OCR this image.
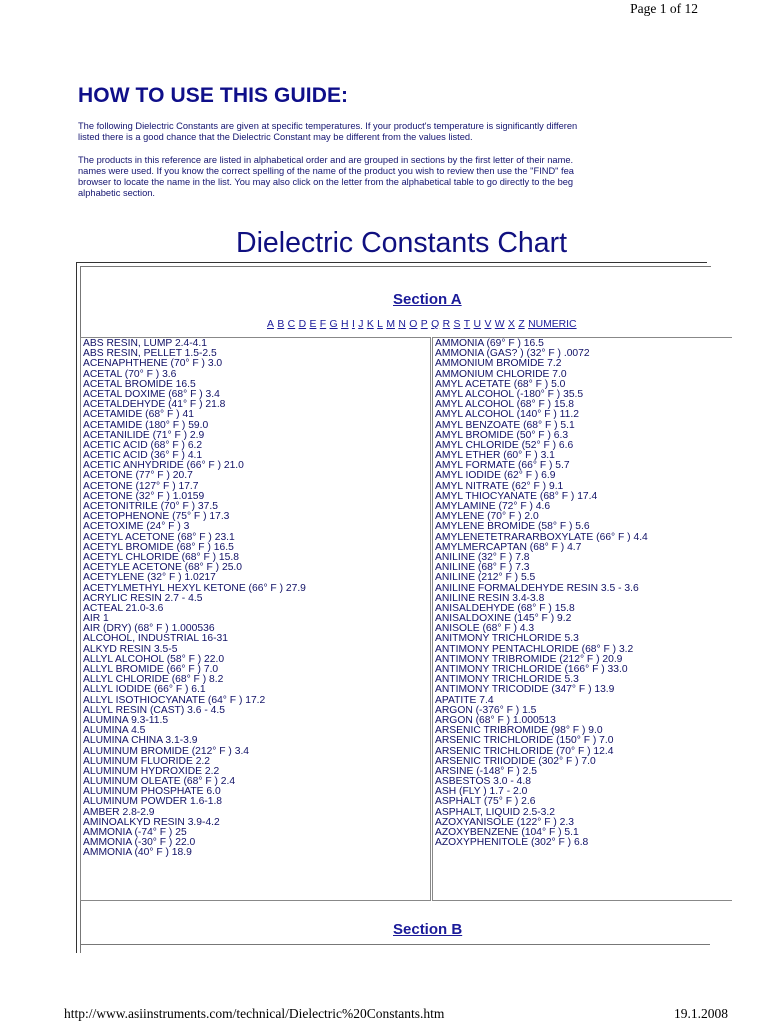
Page 1 of 12
HOW TO USE THIS GUIDE:
The following Dielectric Constants are given at specific temperatures. If your product's temperature is significantly differen
listed there is a good chance that the Dielectric Constant may be different from the values listed.
The products in this reference are listed in alphabetical order and are grouped in sections by the first letter of their name.
names were used. If you know the correct spelling of the name of the product you wish to review then use the "FIND" fea
browser to locate the name in the list. You may also click on the letter from the alphabetical table to go directly to the beg
alphabetic section.
Dielectric Constants Chart
Section A
A B C D E F G H I J K L M N O P Q R S T U V W X Z NUMERIC
ABS RESIN, LUMP 2.4-4.1
ABS RESIN, PELLET 1.5-2.5
ACENAPHTHENE (70° F ) 3.0
ACETAL (70° F ) 3.6
ACETAL BROMIDE 16.5
ACETAL DOXIME (68° F ) 3.4
ACETALDEHYDE (41° F ) 21.8
ACETAMIDE (68° F ) 41
ACETAMIDE (180° F ) 59.0
ACETANILIDE (71° F ) 2.9
ACETIC ACID (68° F ) 6.2
ACETIC ACID (36° F ) 4.1
ACETIC ANHYDRIDE (66° F ) 21.0
ACETONE (77° F ) 20.7
ACETONE (127° F ) 17.7
ACETONE (32° F ) 1.0159
ACETONITRILE (70° F ) 37.5
ACETOPHENONE (75° F ) 17.3
ACETOXIME (24° F ) 3
ACETYL ACETONE (68° F ) 23.1
ACETYL BROMIDE (68° F ) 16.5
ACETYL CHLORIDE (68° F ) 15.8
ACETYLE ACETONE (68° F ) 25.0
ACETYLENE (32° F ) 1.0217
ACETYLMETHYL HEXYL KETONE (66° F ) 27.9
ACRYLIC RESIN 2.7 - 4.5
ACTEAL 21.0-3.6
AIR 1
AIR (DRY) (68° F ) 1.000536
ALCOHOL, INDUSTRIAL 16-31
ALKYD RESIN 3.5-5
ALLYL ALCOHOL (58° F ) 22.0
ALLYL BROMIDE (66° F ) 7.0
ALLYL CHLORIDE (68° F ) 8.2
ALLYL IODIDE (66° F ) 6.1
ALLYL ISOTHIOCYANATE (64° F ) 17.2
ALLYL RESIN (CAST) 3.6 - 4.5
ALUMINA 9.3-11.5
ALUMINA 4.5
ALUMINA CHINA 3.1-3.9
ALUMINUM BROMIDE (212° F ) 3.4
ALUMINUM FLUORIDE 2.2
ALUMINUM HYDROXIDE 2.2
ALUMINUM OLEATE (68° F ) 2.4
ALUMINUM PHOSPHATE 6.0
ALUMINUM POWDER 1.6-1.8
AMBER 2.8-2.9
AMINOALKYD RESIN 3.9-4.2
AMMONIA (-74° F ) 25
AMMONIA (-30° F ) 22.0
AMMONIA (40° F ) 18.9
AMMONIA (69° F ) 16.5
AMMONIA (GAS? ) (32° F ) .0072
AMMONIUM BROMIDE 7.2
AMMONIUM CHLORIDE 7.0
AMYL ACETATE (68° F ) 5.0
AMYL ALCOHOL (-180° F ) 35.5
AMYL ALCOHOL (68° F ) 15.8
AMYL ALCOHOL (140° F ) 11.2
AMYL BENZOATE (68° F ) 5.1
AMYL BROMIDE (50° F ) 6.3
AMYL CHLORIDE (52° F ) 6.6
AMYL ETHER (60° F ) 3.1
AMYL FORMATE (66° F ) 5.7
AMYL IODIDE (62° F ) 6.9
AMYL NITRATE (62° F ) 9.1
AMYL THIOCYANATE (68° F ) 17.4
AMYLAMINE (72° F ) 4.6
AMYLENE (70° F ) 2.0
AMYLENE BROMIDE (58° F ) 5.6
AMYLENETETRARARBOXYLATE (66° F ) 4.4
AMYLMERCAPTAN (68° F ) 4.7
ANILINE (32° F ) 7.8
ANILINE (68° F ) 7.3
ANILINE (212° F ) 5.5
ANILINE FORMALDEHYDE RESIN 3.5 - 3.6
ANILINE RESIN 3.4-3.8
ANISALDEHYDE (68° F ) 15.8
ANISALDOXINE (145° F ) 9.2
ANISOLE (68° F ) 4.3
ANITMONY TRICHLORIDE 5.3
ANTIMONY PENTACHLORIDE (68° F ) 3.2
ANTIMONY TRIBROMIDE (212° F ) 20.9
ANTIMONY TRICHLORIDE (166° F ) 33.0
ANTIMONY TRICHLORIDE 5.3
ANTIMONY TRICODIDE (347° F ) 13.9
APATITE 7.4
ARGON (-376° F ) 1.5
ARGON (68° F ) 1.000513
ARSENIC TRIBROMIDE (98° F ) 9.0
ARSENIC TRICHLORIDE (150° F ) 7.0
ARSENIC TRICHLORIDE (70° F ) 12.4
ARSENIC TRIIODIDE (302° F ) 7.0
ARSINE (-148° F ) 2.5
ASBESTOS 3.0 - 4.8
ASH (FLY ) 1.7 - 2.0
ASPHALT (75° F ) 2.6
ASPHALT, LIQUID 2.5-3.2
AZOXYANISOLE (122° F ) 2.3
AZOXYBENZENE (104° F ) 5.1
AZOXYPHENITOLE (302° F ) 6.8
Section B
http://www.asiinstruments.com/technical/Dielectric%20Constants.htm	19.1.2008
